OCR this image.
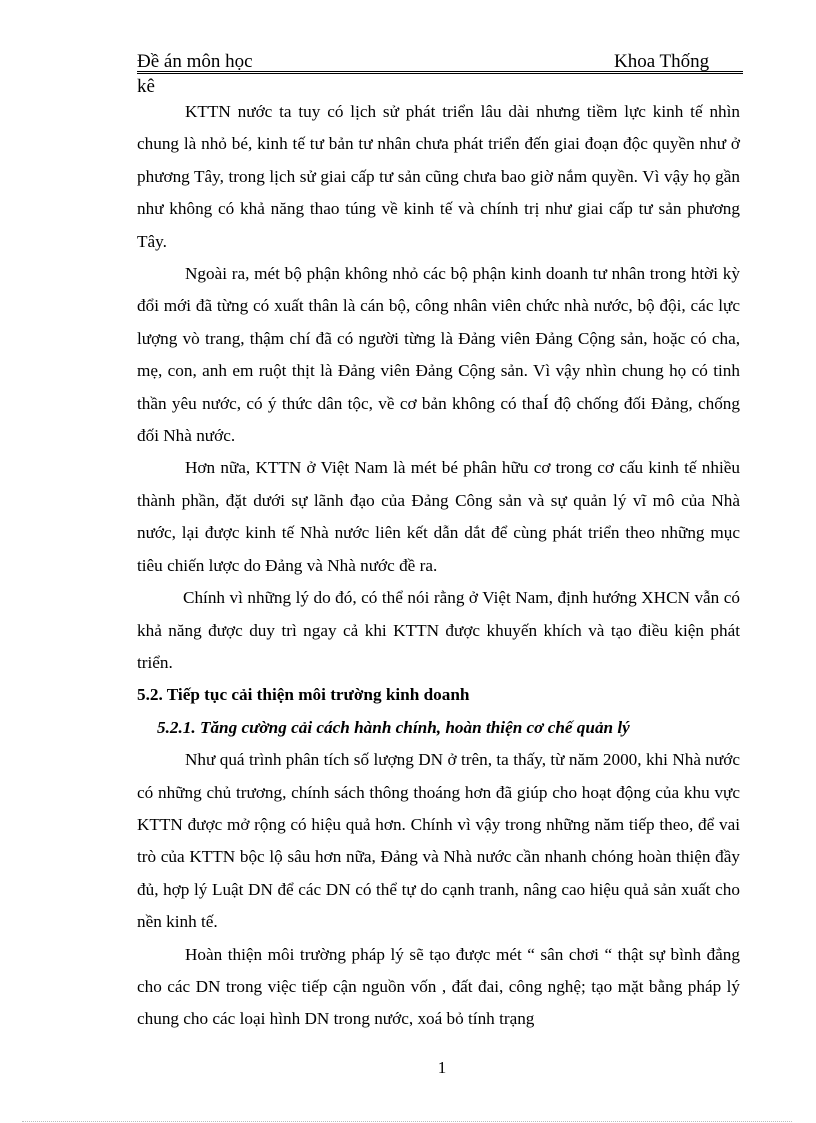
Đề án môn học	Khoa Thống
kê

KTTN nước ta tuy có lịch sử phát triển lâu dài nhưng tiềm lực kinh tế nhìn chung là nhỏ bé, kinh tế tư bản tư nhân chưa phát triển đến giai đoạn độc quyền như ở phương Tây, trong lịch sử giai cấp tư sản cũng chưa bao giờ nắm quyền. Vì vậy họ gần như không có khả năng thao túng về kinh tế và chính trị như giai cấp tư sản phương Tây.

Ngoài ra, mét bộ phận không nhỏ các bộ phận kinh doanh tư nhân trong htời kỳ đổi mới đã từng có xuất thân là cán bộ, công nhân viên chức nhà nước, bộ đội, các lực lượng vò trang, thậm chí đã có người từng là Đảng viên Đảng Cộng sản, hoặc có cha, mẹ, con, anh em ruột thịt là Đảng viên Đảng Cộng sản. Vì vậy nhìn chung họ có tinh thần yêu nước, có ý thức dân tộc, về cơ bản không có thaÍ độ chống đối Đảng, chống đối Nhà nước.

Hơn nữa, KTTN ở Việt Nam là mét bé phân hữu cơ trong cơ cấu kinh tế nhiều thành phần, đặt dưới sự lãnh đạo của Đảng Công sản và sự quản lý vĩ mô của Nhà nước, lại được kinh tế Nhà nước liên kết dẫn dắt để cùng phát triển theo những mục tiêu chiến lược do Đảng và Nhà nước đề ra.

Chính vì những lý do đó, có thể nói rằng ở Việt Nam, định hướng XHCN vẫn có khả năng được duy trì ngay cả khi KTTN được khuyến khích và tạo điều kiện phát triển.

5.2. Tiếp tục cải thiện môi trường kinh doanh

5.2.1. Tăng cường cải cách hành chính, hoàn thiện cơ chế quản lý

Như quá trình phân tích số lượng DN ở trên, ta thấy, từ năm 2000, khi Nhà nước có những chủ trương, chính sách thông thoáng hơn đã giúp cho hoạt động của khu vực KTTN được mở rộng có hiệu quả hơn. Chính vì vậy trong những năm tiếp theo, để vai trò của KTTN bộc lộ sâu hơn nữa, Đảng và Nhà nước cần nhanh chóng hoàn thiện đầy đủ, hợp lý Luật DN để các DN có thể tự do cạnh tranh, nâng cao hiệu quả sản xuất cho nền kinh tế.

Hoàn thiện môi trường pháp lý sẽ tạo được mét “ sân chơi “ thật sự bình đẳng cho các DN trong việc tiếp cận nguồn vốn , đất đai, công nghệ; tạo mặt bằng pháp lý chung cho các loại hình DN trong nước, xoá bỏ tính trạng

1
